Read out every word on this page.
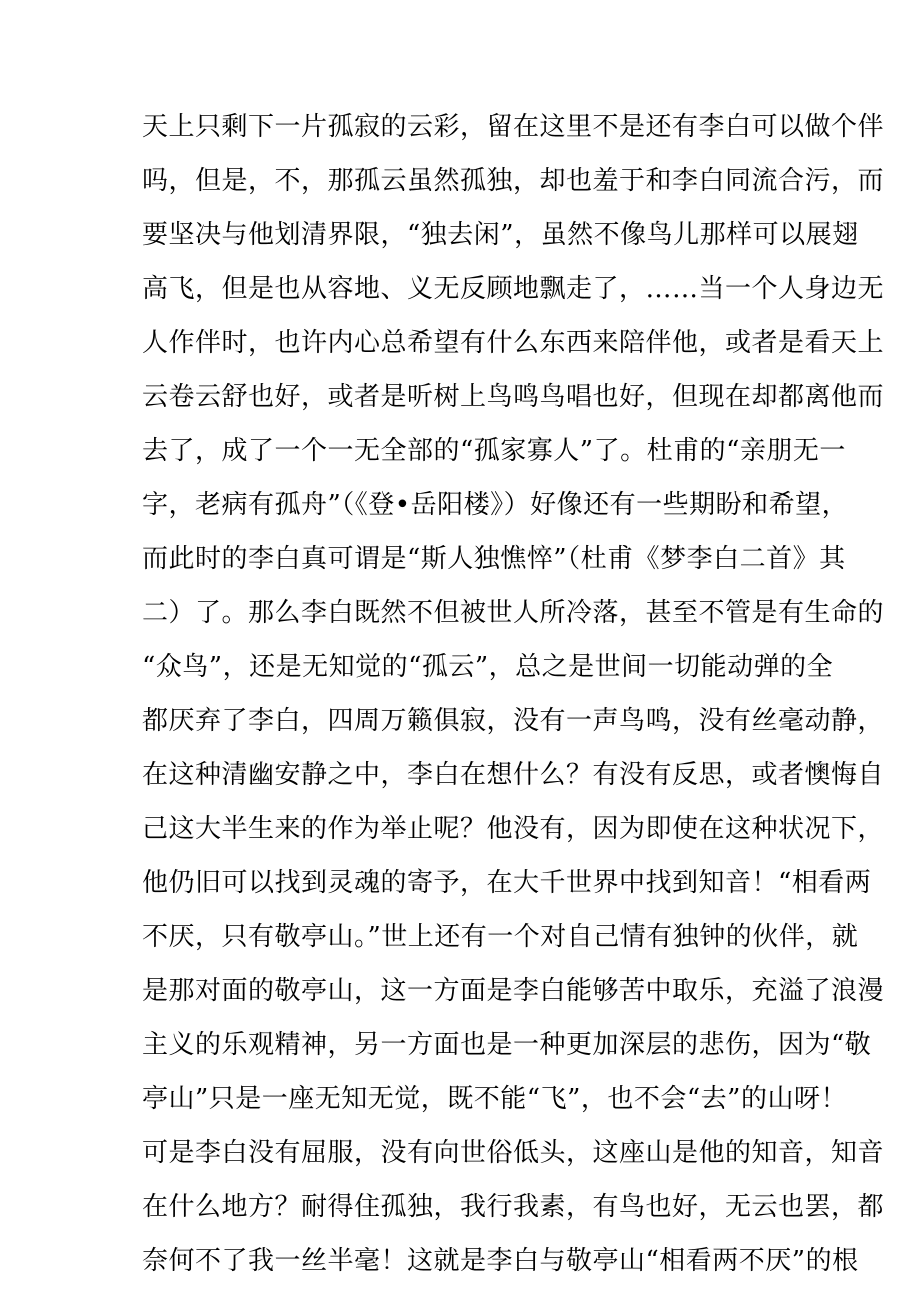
天上只剩下一片孤寂的云彩，留在这里不是还有李白可以做个伴
吗，但是，不，那孤云虽然孤独，却也羞于和李白同流合污，而
要坚决与他划清界限，“独去闲”，虽然不像鸟儿那样可以展翅
高飞，但是也从容地、义无反顾地飘走了，……当一个人身边无
人作伴时，也许内心总希望有什么东西来陪伴他，或者是看天上
云卷云舒也好，或者是听树上鸟鸣鸟唱也好，但现在却都离他而
去了，成了一个一无全部的“孤家寡人”了。杜甫的“亲朋无一
字，老病有孤舟”（《登•岳阳楼》）好像还有一些期盼和希望，
而此时的李白真可谓是“斯人独憔悴”（杜甫《梦李白二首》其
二）了。那么李白既然不但被世人所冷落，甚至不管是有生命的
“众鸟”，还是无知觉的“孤云”，总之是世间一切能动弹的全
都厌弃了李白，四周万籁俱寂，没有一声鸟鸣，没有丝毫动静，
在这种清幽安静之中，李白在想什么？有没有反思，或者懊悔自
己这大半生来的作为举止呢？他没有，因为即使在这种状况下，
他仍旧可以找到灵魂的寄予，在大千世界中找到知音！“相看两
不厌，只有敬亭山。”世上还有一个对自己情有独钟的伙伴，就
是那对面的敬亭山，这一方面是李白能够苦中取乐，充溢了浪漫
主义的乐观精神，另一方面也是一种更加深层的悲伤，因为“敬
亭山”只是一座无知无觉，既不能“飞”，也不会“去”的山呀！
可是李白没有屈服，没有向世俗低头，这座山是他的知音，知音
在什么地方？耐得住孤独，我行我素，有鸟也好，无云也罢，都
奈何不了我一丝半毫！这就是李白与敬亭山“相看两不厌”的根
